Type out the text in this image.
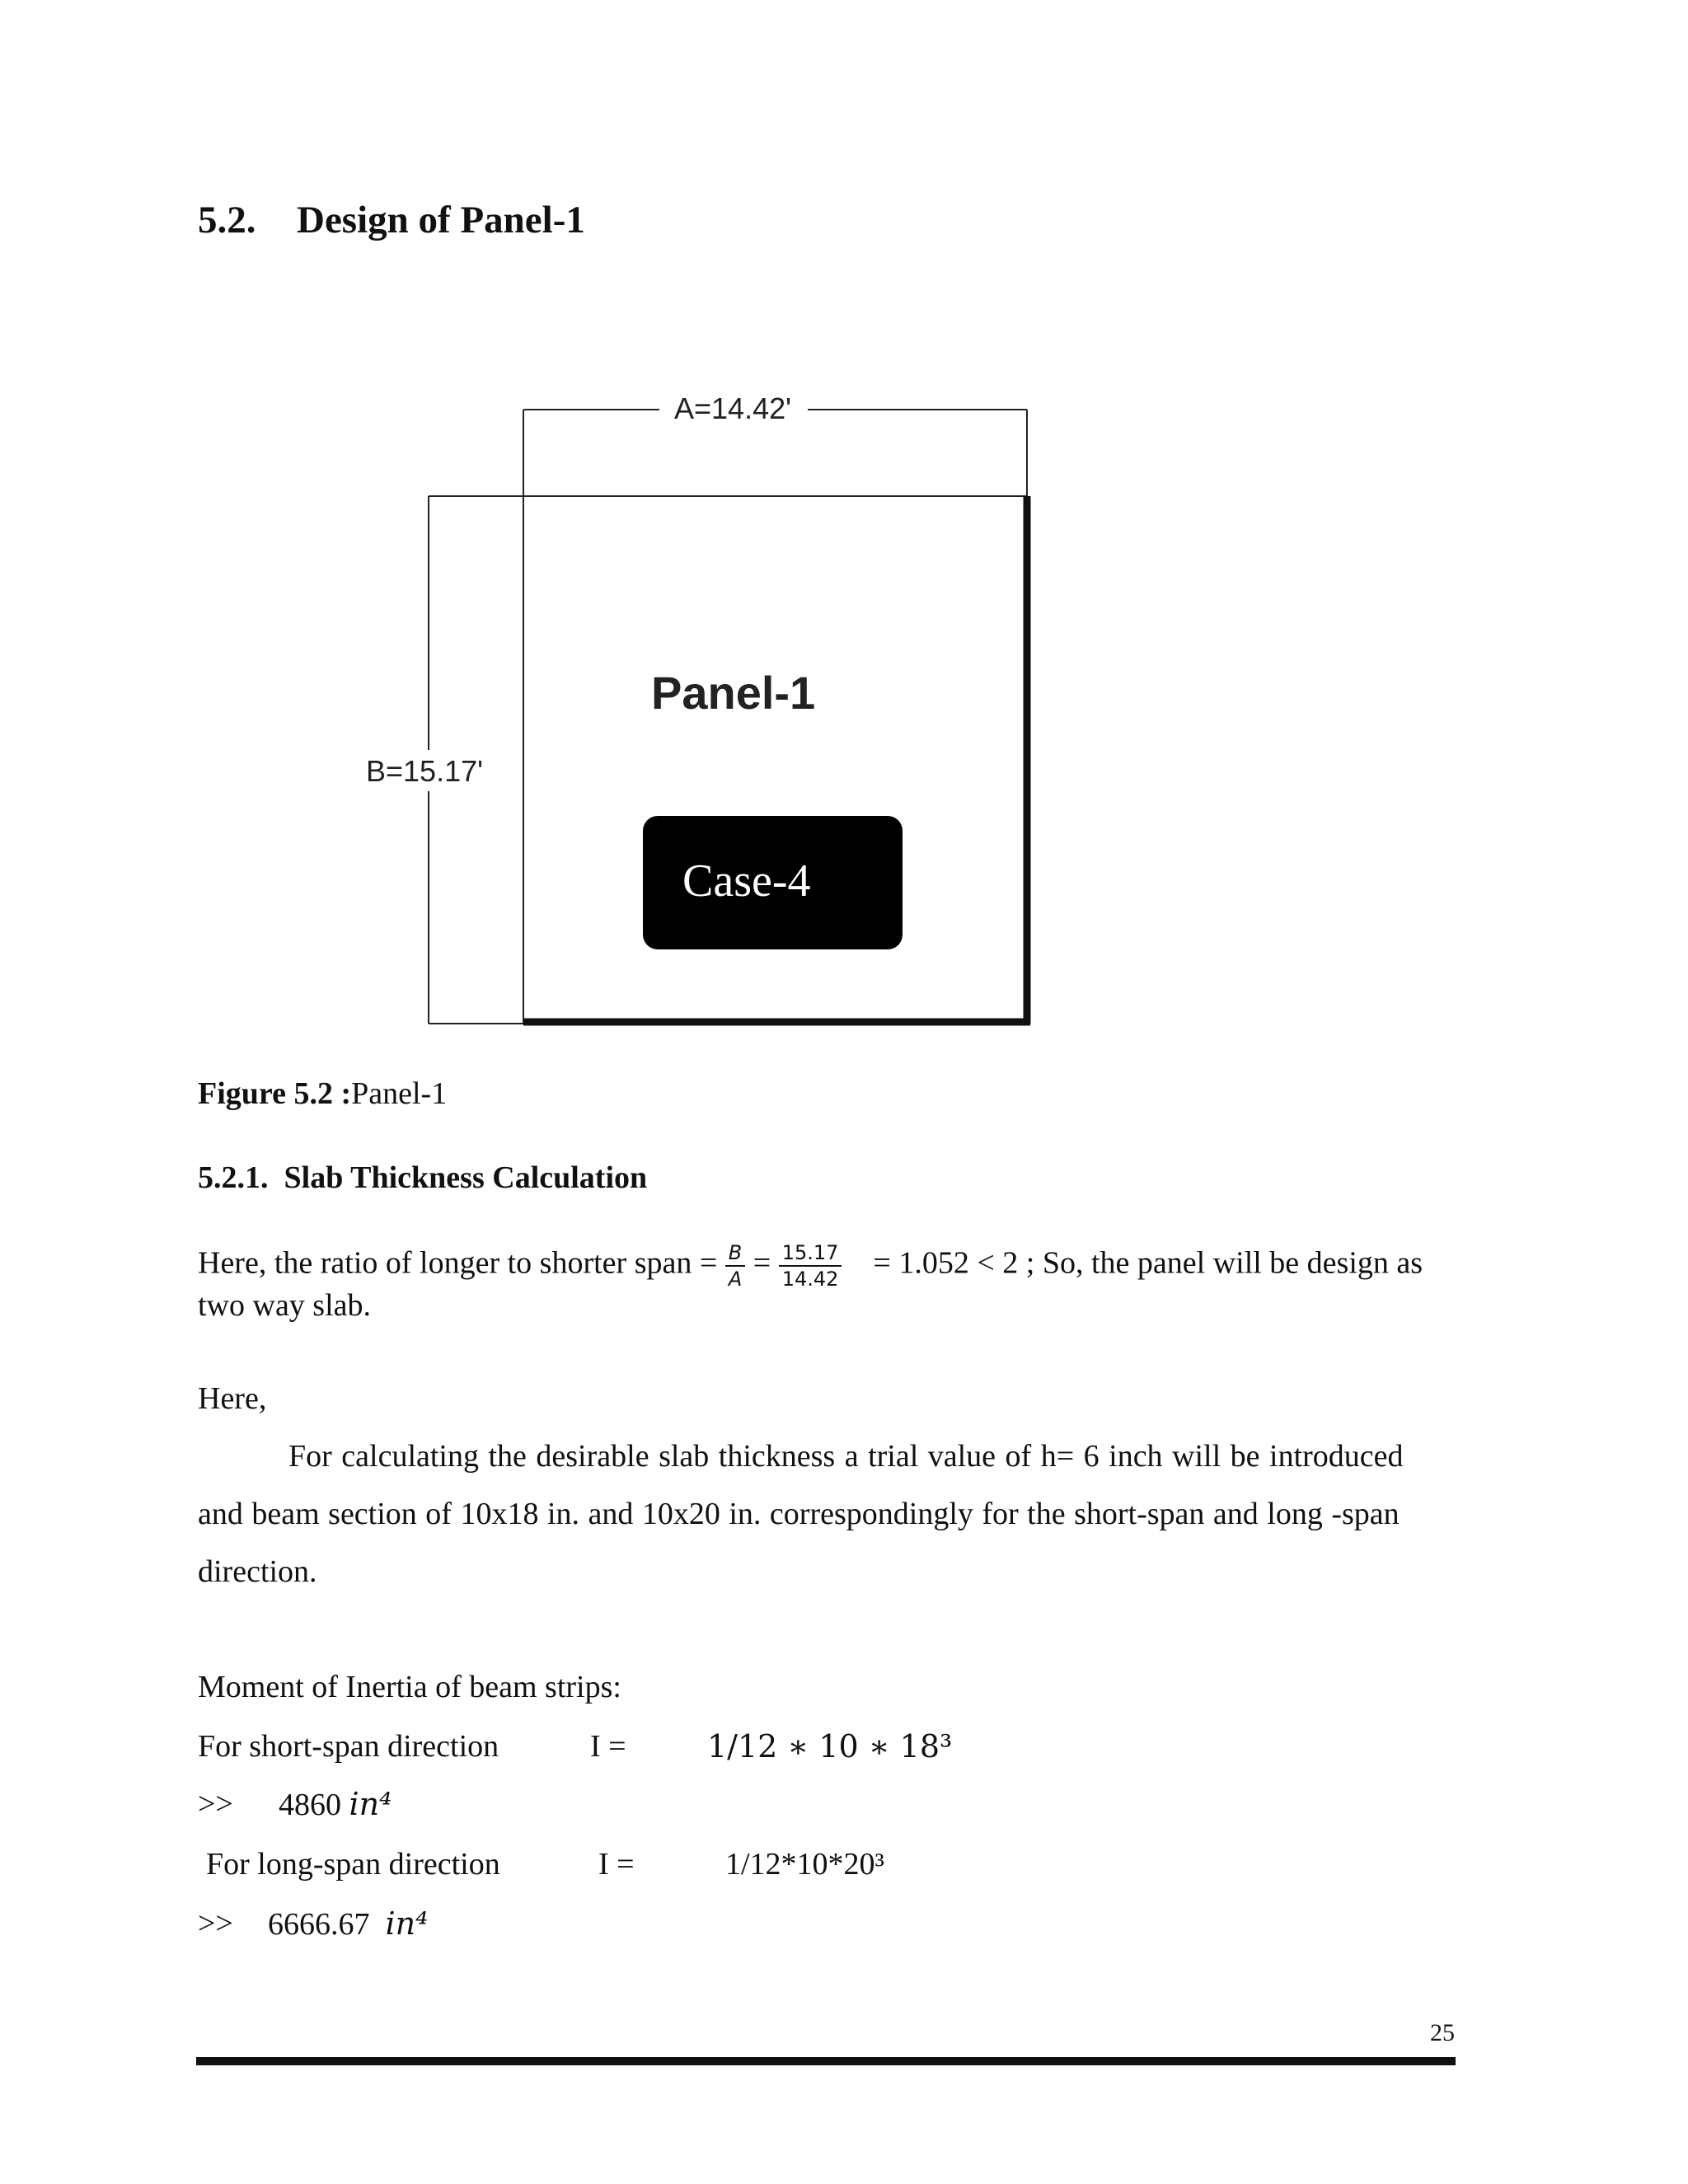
5.2. Design of Panel-1
A=14.42'
B=15.17'
Panel-1
Case-4
Figure 5.2 :Panel-1
5.2.1. Slab Thickness Calculation
Here, the ratio of longer to shorter span = $\frac{B}{A} = \frac{15.17}{14.42} = 1.052 < 2$ ; So, the panel will be design as
two way slab.
Here,
For calculating the desirable slab thickness a trial value of h= 6 inch will be introduced
and beam section of 10x18 in. and 10x20 in. correspondingly for the short-span and long -span
direction.
Moment of Inertia of beam strips:
For short-span direction	I =	1/12 ∗ 10 ∗ 18³
>> 4860 in⁴
For long-span direction	I =	1/12*10*20³
>> 6666.67 in⁴
25
